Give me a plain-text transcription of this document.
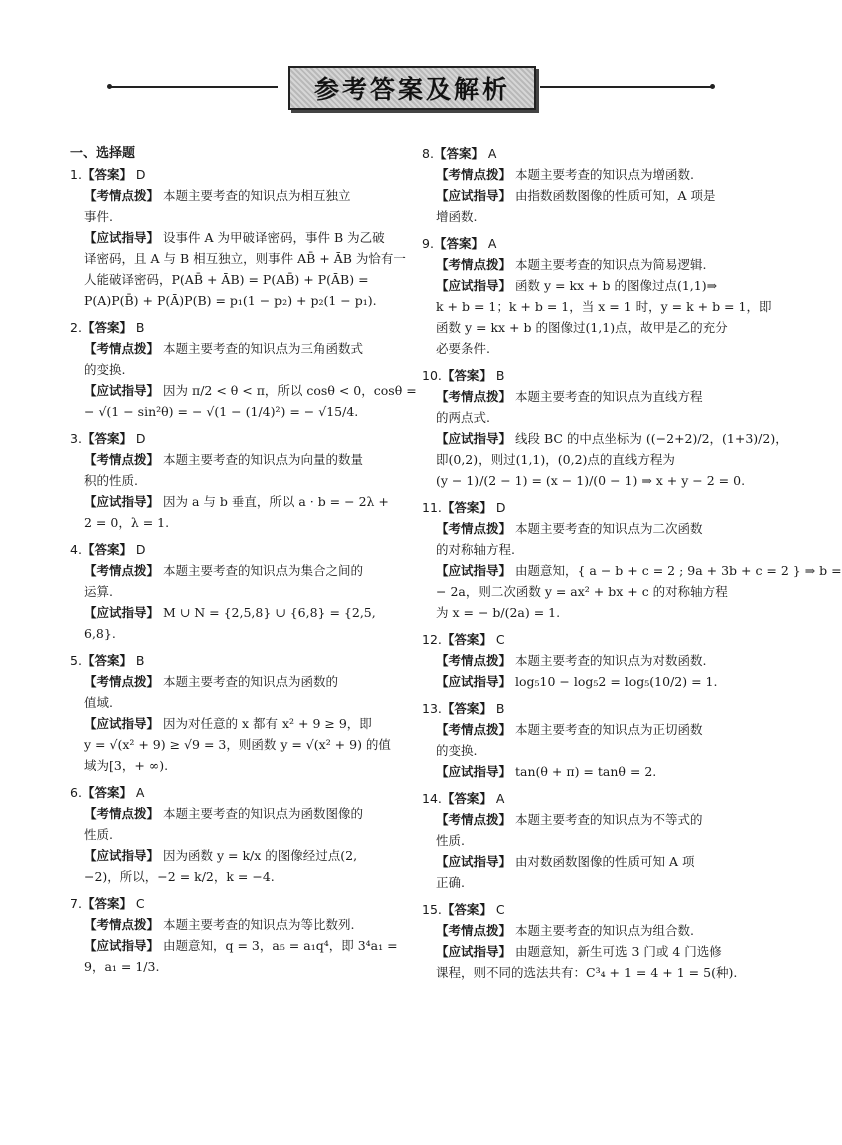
参考答案及解析

一、选择题

1.【答案】 D

【考情点拨】 本题主要考查的知识点为相互独立

事件.

【应试指导】 设事件 A 为甲破译密码，事件 B 为乙破

译密码，且 A 与 B 相互独立，则事件 AB̄ + ĀB 为恰有一

人能破译密码，P(AB̄ + ĀB) = P(AB̄) + P(ĀB) =

P(A)P(B̄) + P(Ā)P(B) = p₁(1 − p₂) + p₂(1 − p₁).

2.【答案】 B

【考情点拨】 本题主要考查的知识点为三角函数式

的变换.

【应试指导】 因为 π/2 < θ < π，所以 cosθ < 0，cosθ =

− √(1 − sin²θ) = − √(1 − (1/4)²) = − √15/4.

3.【答案】 D

【考情点拨】 本题主要考查的知识点为向量的数量

积的性质.

【应试指导】 因为 a 与 b 垂直，所以 a · b = − 2λ +

2 = 0，λ = 1.

4.【答案】 D

【考情点拨】 本题主要考查的知识点为集合之间的

运算.

【应试指导】 M ∪ N = {2,5,8} ∪ {6,8} = {2,5,

6,8}.

5.【答案】 B

【考情点拨】 本题主要考查的知识点为函数的

值域.

【应试指导】 因为对任意的 x 都有 x² + 9 ≥ 9，即

y = √(x² + 9) ≥ √9 = 3，则函数 y = √(x² + 9) 的值

域为[3，+ ∞).

6.【答案】 A

【考情点拨】 本题主要考查的知识点为函数图像的

性质.

【应试指导】 因为函数 y = k/x 的图像经过点(2,

−2)，所以，−2 = k/2，k = −4.

7.【答案】 C

【考情点拨】 本题主要考查的知识点为等比数列.

【应试指导】 由题意知，q = 3，a₅ = a₁q⁴，即 3⁴a₁ =

9，a₁ = 1/3.

8.【答案】 A

【考情点拨】 本题主要考查的知识点为增函数.

【应试指导】 由指数函数图像的性质可知，A 项是

增函数.

9.【答案】 A

【考情点拨】 本题主要考查的知识点为简易逻辑.

【应试指导】 函数 y = kx + b 的图像过点(1,1)⇒

k + b = 1；k + b = 1，当 x = 1 时，y = k + b = 1，即

函数 y = kx + b 的图像过(1,1)点，故甲是乙的充分

必要条件.

10.【答案】 B

【考情点拨】 本题主要考查的知识点为直线方程

的两点式.

【应试指导】 线段 BC 的中点坐标为 ((−2+2)/2，(1+3)/2)，

即(0,2)，则过(1,1)，(0,2)点的直线方程为

(y − 1)/(2 − 1) = (x − 1)/(0 − 1) ⇒ x + y − 2 = 0.

11.【答案】 D

【考情点拨】 本题主要考查的知识点为二次函数

的对称轴方程.

【应试指导】 由题意知，{ a − b + c = 2 ; 9a + 3b + c = 2 } ⇒ b =

− 2a，则二次函数 y = ax² + bx + c 的对称轴方程

为 x = − b/(2a) = 1.

12.【答案】 C

【考情点拨】 本题主要考查的知识点为对数函数.

【应试指导】 log₅10 − log₅2 = log₅(10/2) = 1.

13.【答案】 B

【考情点拨】 本题主要考查的知识点为正切函数

的变换.

【应试指导】 tan(θ + π) = tanθ = 2.

14.【答案】 A

【考情点拨】 本题主要考查的知识点为不等式的

性质.

【应试指导】 由对数函数图像的性质可知 A 项

正确.

15.【答案】 C

【考情点拨】 本题主要考查的知识点为组合数.

【应试指导】 由题意知，新生可选 3 门或 4 门选修

课程，则不同的选法共有：C³₄ + 1 = 4 + 1 = 5(种).
